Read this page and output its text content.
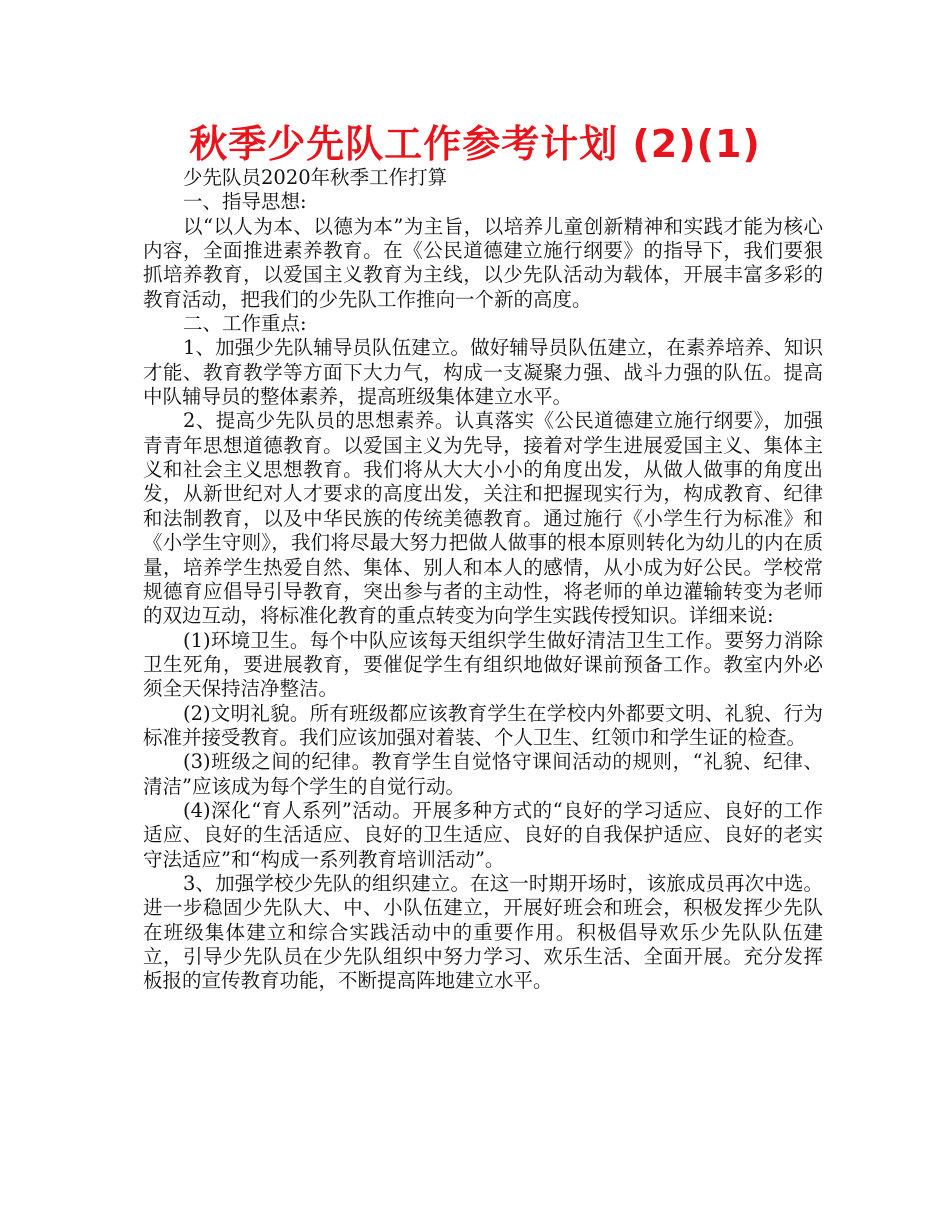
秋季少先队工作参考计划 (2)(1)

少先队员2020年秋季工作打算

一、指导思想:

以“以人为本、以德为本”为主旨，以培养儿童创新精神和实践才能为核心内容，全面推进素养教育。在《公民道德建立施行纲要》的指导下，我们要狠抓培养教育，以爱国主义教育为主线，以少先队活动为载体，开展丰富多彩的教育活动，把我们的少先队工作推向一个新的高度。

二、工作重点:

1、加强少先队辅导员队伍建立。做好辅导员队伍建立，在素养培养、知识才能、教育教学等方面下大力气，构成一支凝聚力强、战斗力强的队伍。提高中队辅导员的整体素养，提高班级集体建立水平。

2、提高少先队员的思想素养。认真落实《公民道德建立施行纲要》，加强青青年思想道德教育。以爱国主义为先导，接着对学生进展爱国主义、集体主义和社会主义思想教育。我们将从大大小小的角度出发，从做人做事的角度出发，从新世纪对人才要求的高度出发，关注和把握现实行为，构成教育、纪律和法制教育，以及中华民族的传统美德教育。通过施行《小学生行为标准》和《小学生守则》，我们将尽最大努力把做人做事的根本原则转化为幼儿的内在质量，培养学生热爱自然、集体、别人和本人的感情，从小成为好公民。学校常规德育应倡导引导教育，突出参与者的主动性，将老师的单边灌输转变为老师的双边互动，将标准化教育的重点转变为向学生实践传授知识。详细来说:

(1)环境卫生。每个中队应该每天组织学生做好清洁卫生工作。要努力消除卫生死角，要进展教育，要催促学生有组织地做好课前预备工作。教室内外必须全天保持洁净整洁。

(2)文明礼貌。所有班级都应该教育学生在学校内外都要文明、礼貌、行为标准并接受教育。我们应该加强对着装、个人卫生、红领巾和学生证的检查。

(3)班级之间的纪律。教育学生自觉恪守课间活动的规则，“礼貌、纪律、清洁”应该成为每个学生的自觉行动。

(4)深化“育人系列”活动。开展多种方式的“良好的学习适应、良好的工作适应、良好的生活适应、良好的卫生适应、良好的自我保护适应、良好的老实守法适应”和“构成一系列教育培训活动”。

3、加强学校少先队的组织建立。在这一时期开场时，该旅成员再次中选。进一步稳固少先队大、中、小队伍建立，开展好班会和班会，积极发挥少先队在班级集体建立和综合实践活动中的重要作用。积极倡导欢乐少先队队伍建立，引导少先队员在少先队组织中努力学习、欢乐生活、全面开展。充分发挥板报的宣传教育功能，不断提高阵地建立水平。
